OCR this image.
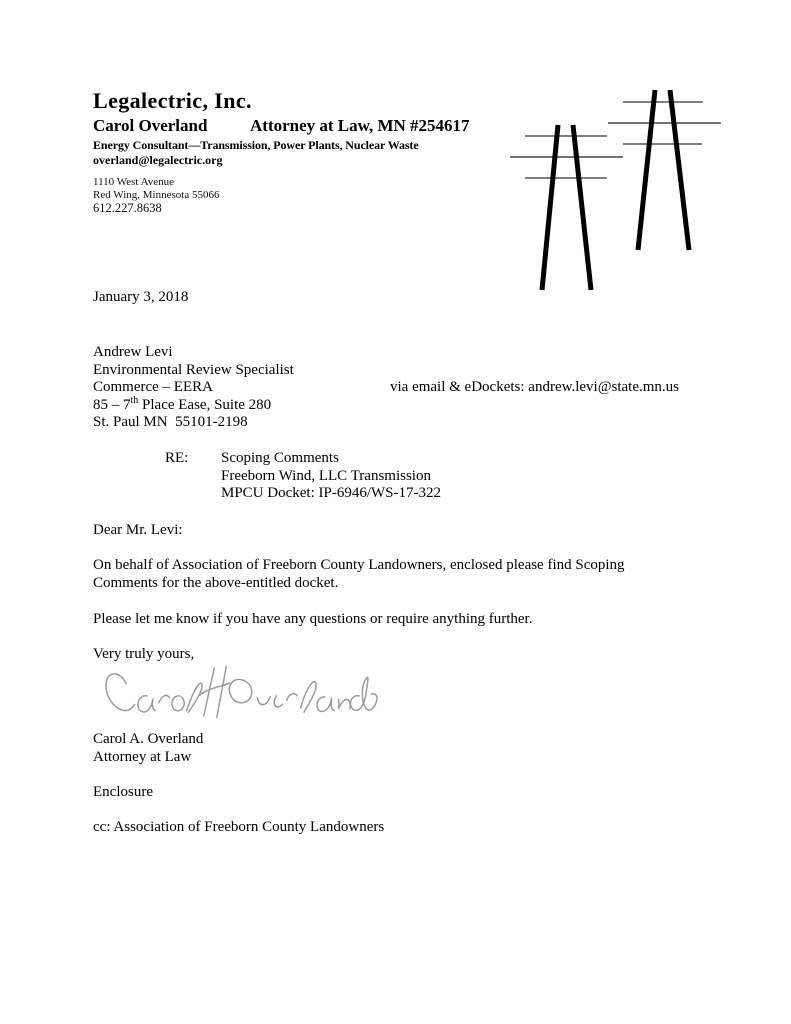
Legalectric, Inc.
Carol Overland	Attorney at Law, MN #254617
Energy Consultant—Transmission, Power Plants, Nuclear Waste
overland@legalectric.org
1110 West Avenue
Red Wing, Minnesota 55066
612.227.8638
January 3, 2018
Andrew Levi
Environmental Review Specialist
Commerce – EERA
85 – 7th Place Ease, Suite 280
St. Paul MN  55101-2198
via email & eDockets: andrew.levi@state.mn.us
RE:	Scoping Comments
Freeborn Wind, LLC Transmission
MPCU Docket: IP-6946/WS-17-322
Dear Mr. Levi:

On behalf of Association of Freeborn County Landowners, enclosed please find Scoping Comments for the above-entitled docket.

Please let me know if you have any questions or require anything further.

Very truly yours,
Carol A. Overland
Attorney at Law
Enclosure
cc: Association of Freeborn County Landowners
